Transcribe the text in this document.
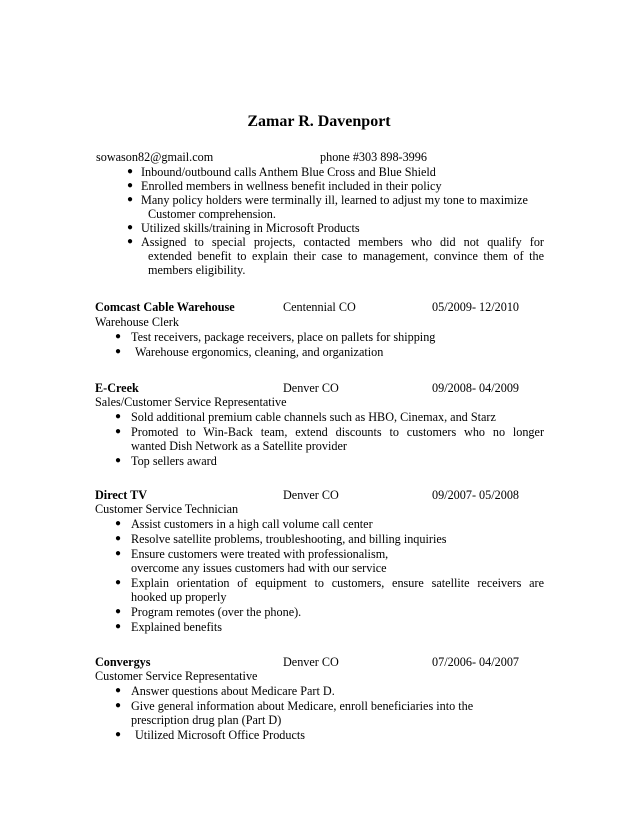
Zamar R. Davenport
sowason82@gmail.com	phone #303 898-3996
● Inbound/outbound calls Anthem Blue Cross and Blue Shield
● Enrolled members in wellness benefit included in their policy
● Many policy holders were terminally ill, learned to adjust my tone to maximize
Customer comprehension.
● Utilized skills/training in Microsoft Products
● Assigned to special projects, contacted members who did not qualify for
extended benefit to explain their case to management, convince them of the
members eligibility.
Comcast Cable Warehouse	Centennial CO	05/2009- 12/2010
Warehouse Clerk
● Test receivers, package receivers, place on pallets for shipping
● Warehouse ergonomics, cleaning, and organization
E-Creek	Denver CO	09/2008- 04/2009
Sales/Customer Service Representative
● Sold additional premium cable channels such as HBO, Cinemax, and Starz
● Promoted to Win-Back team, extend discounts to customers who no longer
wanted Dish Network as a Satellite provider
● Top sellers award
Direct TV	Denver CO	09/2007- 05/2008
Customer Service Technician
● Assist customers in a high call volume call center
● Resolve satellite problems, troubleshooting, and billing inquiries
● Ensure customers were treated with professionalism,
overcome any issues customers had with our service
● Explain orientation of equipment to customers, ensure satellite receivers are
hooked up properly
● Program remotes (over the phone).
● Explained benefits
Convergys	Denver CO	07/2006- 04/2007
Customer Service Representative
● Answer questions about Medicare Part D.
● Give general information about Medicare, enroll beneficiaries into the
prescription drug plan (Part D)
● Utilized Microsoft Office Products
